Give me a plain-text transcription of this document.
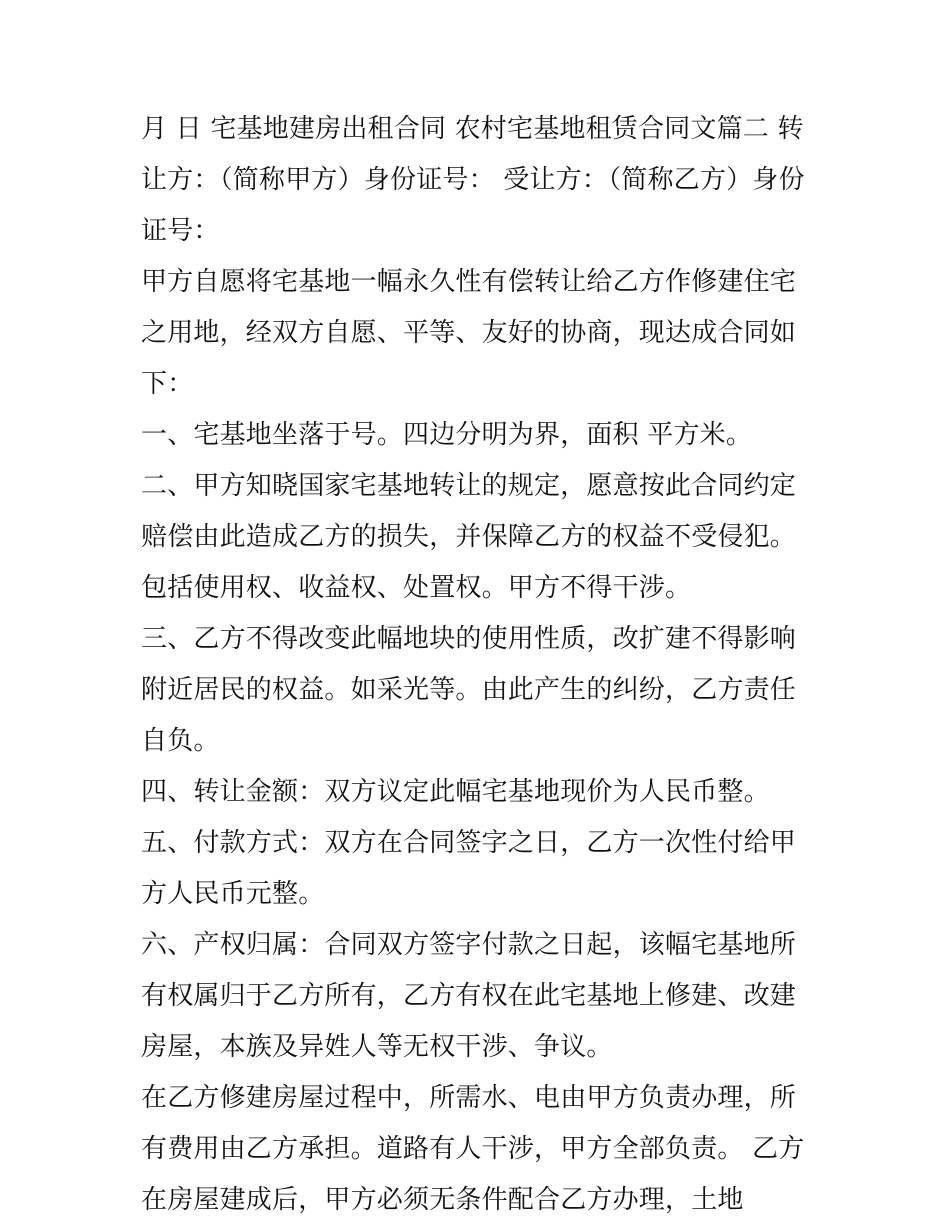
月 日 宅基地建房出租合同 农村宅基地租赁合同文篇二 转让方：（简称甲方）身份证号： 受让方：（简称乙方）身份证号：

甲方自愿将宅基地一幅永久性有偿转让给乙方作修建住宅之用地，经双方自愿、平等、友好的协商，现达成合同如下：

一、宅基地坐落于号。四边分明为界，面积 平方米。

二、甲方知晓国家宅基地转让的规定，愿意按此合同约定赔偿由此造成乙方的损失，并保障乙方的权益不受侵犯。包括使用权、收益权、处置权。甲方不得干涉。

三、乙方不得改变此幅地块的使用性质，改扩建不得影响附近居民的权益。如采光等。由此产生的纠纷，乙方责任自负。

四、转让金额：双方议定此幅宅基地现价为人民币整。

五、付款方式：双方在合同签字之日，乙方一次性付给甲方人民币元整。

六、产权归属：合同双方签字付款之日起，该幅宅基地所有权属归于乙方所有，乙方有权在此宅基地上修建、改建房屋，本族及异姓人等无权干涉、争议。

在乙方修建房屋过程中，所需水、电由甲方负责办理，所有费用由乙方承担。道路有人干涉，甲方全部负责。 乙方在房屋建成后，甲方必须无条件配合乙方办理，土地
